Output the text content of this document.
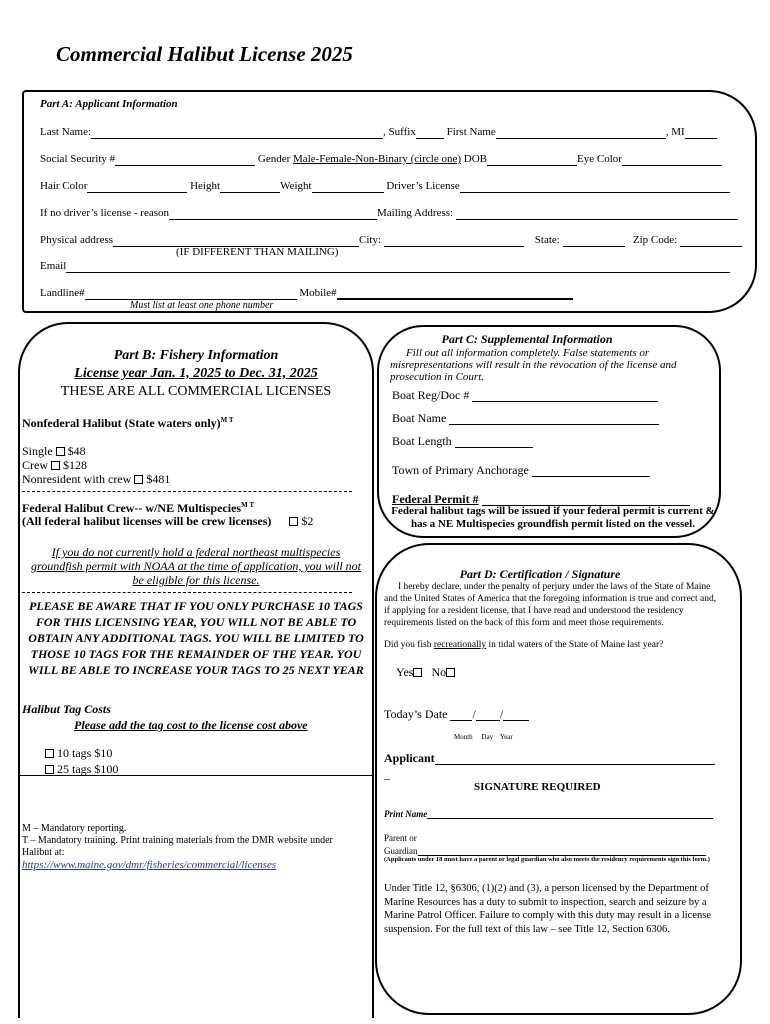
Commercial Halibut License 2025
Part A: Applicant Information
Last Name:	, Suffix	First Name	, MI
Social Security #	Gender Male-Female-Non-Binary (circle one) DOB	Eye Color
Hair Color	Height	Weight	Driver’s License
If no driver’s license - reason	Mailing Address:
Physical address	City:	State:	Zip Code:
(IF DIFFERENT THAN MAILING)
Email
Landline#	Mobile#
Must list at least one phone number
Part B: Fishery Information
License year Jan. 1, 2025 to Dec. 31, 2025
THESE ARE ALL COMMERCIAL LICENSES
Nonfederal Halibut (State waters only)$^{M T}$
Single $48
Crew $128
Nonresident with crew $481
Federal Halibut Crew-- w/NE Multispecies$^{M T}$
(All federal halibut licenses will be crew licenses)	$2
If you do not currently hold a federal northeast multispecies groundfish permit with NOAA at the time of application, you will not be eligible for this license.
PLEASE BE AWARE THAT IF YOU ONLY PURCHASE 10 TAGS FOR THIS LICENSING YEAR, YOU WILL NOT BE ABLE TO OBTAIN ANY ADDITIONAL TAGS. YOU WILL BE LIMITED TO THOSE 10 TAGS FOR THE REMAINDER OF THE YEAR. YOU WILL BE ABLE TO INCREASE YOUR TAGS TO 25 NEXT YEAR
Halibut Tag Costs
Please add the tag cost to the license cost above
10 tags $10
25 tags $100
M – Mandatory reporting.
T – Mandatory training. Print training materials from the DMR website under Halibut at:
https://www.maine.gov/dmr/fisheries/commercial/licenses
Part C: Supplemental Information
Fill out all information completely. False statements or misrepresentations will result in the revocation of the license and prosecution in Court.
Boat Reg/Doc #
Boat Name
Boat Length
Town of Primary Anchorage
Federal Permit #
Federal halibut tags will be issued if your federal permit is current & has a NE Multispecies groundfish permit listed on the vessel.
Part D: Certification / Signature
I hereby declare, under the penalty of perjury under the laws of the State of Maine and the United States of America that the foregoing information is true and correct and, if applying for a resident license, that I have read and understood the residency requirements listed on the back of this form and meet those requirements.
Did you fish recreationally in tidal waters of the State of Maine last year?
Yes No
Today’s Date / /
Month Day Year
Applicant
_
SIGNATURE REQUIRED
Print Name
Parent or
Guardian
(Applicants under 18 must have a parent or legal guardian who also meets the residency requirements sign this form.)
Under Title 12, §6306, (1)(2) and (3), a person licensed by the Department of Marine Resources has a duty to submit to inspection, search and seizure by a Marine Patrol Officer. Failure to comply with this duty may result in a license suspension. For the full text of this law – see Title 12, Section 6306.
